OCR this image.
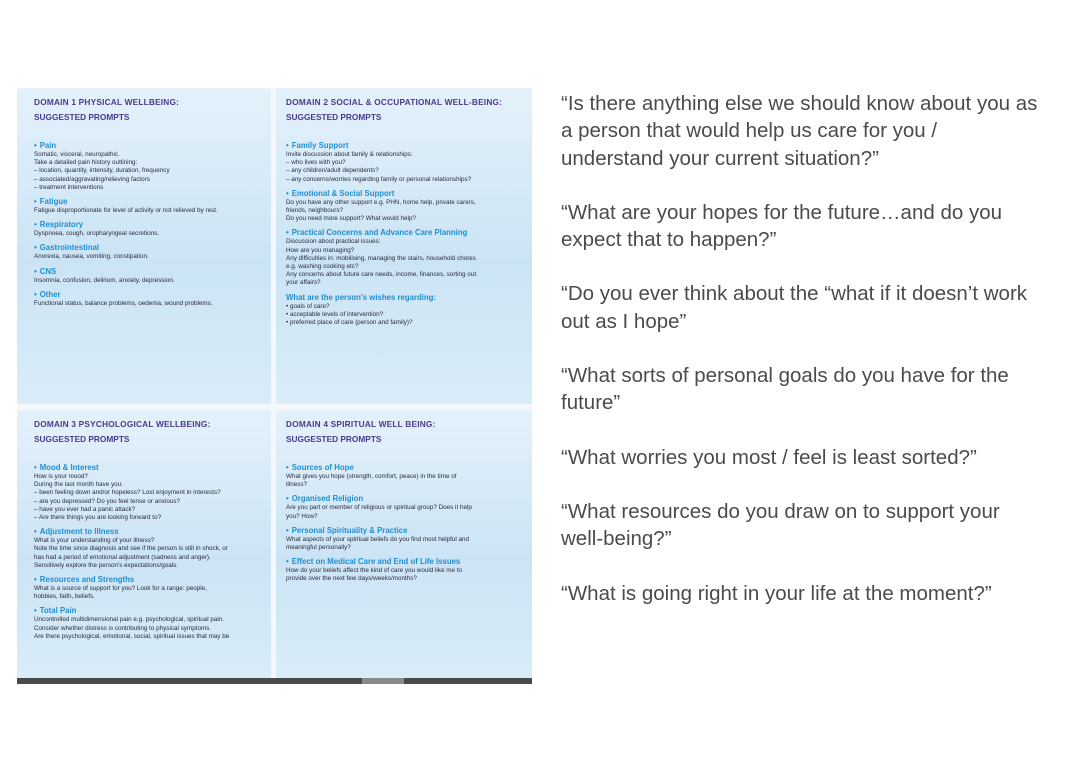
DOMAIN 1 PHYSICAL WELLBEING:

SUGGESTED PROMPTS

• Pain

Somatic, visceral, neuropathic.

Take a detailed pain history outlining:

– location, quantity, intensity, duration, frequency

– associated/aggravating/relieving factors

– treatment interventions

• Fatigue

Fatigue disproportionate for level of activity or not relieved by rest.

• Respiratory

Dyspnoea, cough, oropharyngeal secretions.

• Gastrointestinal

Anorexia, nausea, vomiting, constipation.

• CNS

Insomnia, confusion, delirium, anxiety, depression.

• Other

Functional status, balance problems, oedema, wound problems.

DOMAIN 2 SOCIAL & OCCUPATIONAL WELL-BEING:

SUGGESTED PROMPTS

• Family Support

Invite discussion about family & relationships:

– who lives with you?

– any children/adult dependents?

– any concerns/worries regarding family or personal relationships?

• Emotional & Social Support

Do you have any other support e.g. PHN, home help, private carers,

friends, neighbours?

Do you need more support? What would help?

• Practical Concerns and Advance Care Planning

Discussion about practical issues:

How are you managing?

Any difficulties in: mobilising, managing the stairs, household chores

e.g. washing cooking etc?

Any concerns about future care needs, income, finances, sorting out

your affairs?

What are the person's wishes regarding:

• goals of care?

• acceptable levels of intervention?

• preferred place of care (person and family)?

DOMAIN 3 PSYCHOLOGICAL WELLBEING:

SUGGESTED PROMPTS

• Mood & Interest

How is your mood?

During the last month have you:

– been feeling down and/or hopeless? Lost enjoyment in interests?

– are you depressed? Do you feel tense or anxious?

– have you ever had a panic attack?

– Are there things you are looking forward to?

• Adjustment to Illness

What is your understanding of your illness?

Note the time since diagnosis and see if the person is still in shock, or

has had a period of emotional adjustment (sadness and anger).

Sensitively explore the person's expectations/goals.

• Resources and Strengths

What is a source of support for you? Look for a range: people,

hobbies, faith, beliefs.

• Total Pain

Uncontrolled multidimensional pain e.g. psychological, spiritual pain.

Consider whether distress is contributing to physical symptoms.

Are there psychological, emotional, social, spiritual issues that may be

DOMAIN 4 SPIRITUAL WELL BEING:

SUGGESTED PROMPTS

• Sources of Hope

What gives you hope (strength, comfort, peace) in the time of

illness?

• Organised Religion

Are you part or member of religious or spiritual group? Does it help

you? How?

• Personal Spirituality & Practice

What aspects of your spiritual beliefs do you find most helpful and

meaningful personally?

• Effect on Medical Care and End of Life Issues

How do your beliefs affect the kind of care you would like me to

provide over the next few days/weeks/months?

“Is there anything else we should know about you as a person that would help us care for you / understand your current situation?”

“What are your hopes for the future…and do you expect that to happen?”

“Do you ever think about the “what if it doesn’t work out as I hope”

“What sorts of personal goals do you have for the future”

“What worries you most / feel is least sorted?”

“What resources do you draw on to support your well-being?”

“What is going right in your life at the moment?”
